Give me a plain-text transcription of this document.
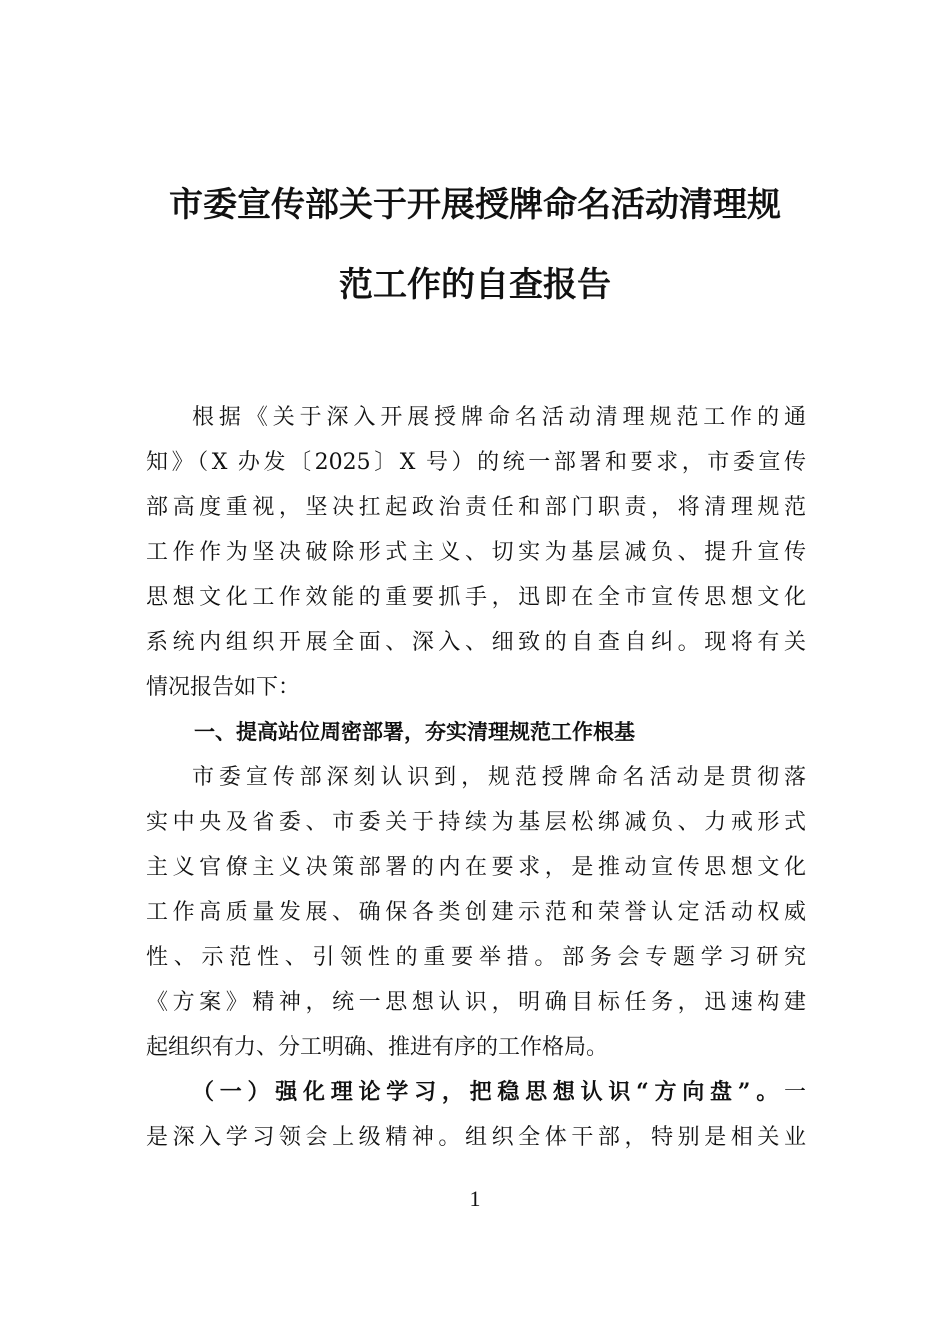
市委宣传部关于开展授牌命名活动清理规
范工作的自查报告
根据《关于深入开展授牌命名活动清理规范工作的通
知》（X 办发〔2025〕X 号）的统一部署和要求，市委宣传
部高度重视，坚决扛起政治责任和部门职责，将清理规范
工作作为坚决破除形式主义、切实为基层减负、提升宣传
思想文化工作效能的重要抓手，迅即在全市宣传思想文化
系统内组织开展全面、深入、细致的自查自纠。现将有关
情况报告如下：
一、提高站位周密部署，夯实清理规范工作根基
市委宣传部深刻认识到，规范授牌命名活动是贯彻落
实中央及省委、市委关于持续为基层松绑减负、力戒形式
主义官僚主义决策部署的内在要求，是推动宣传思想文化
工作高质量发展、确保各类创建示范和荣誉认定活动权威
性、示范性、引领性的重要举措。部务会专题学习研究
《方案》精神，统一思想认识，明确目标任务，迅速构建
起组织有力、分工明确、推进有序的工作格局。
（一）强化理论学习，把稳思想认识“方向盘”。一
是深入学习领会上级精神。组织全体干部，特别是相关业
1
